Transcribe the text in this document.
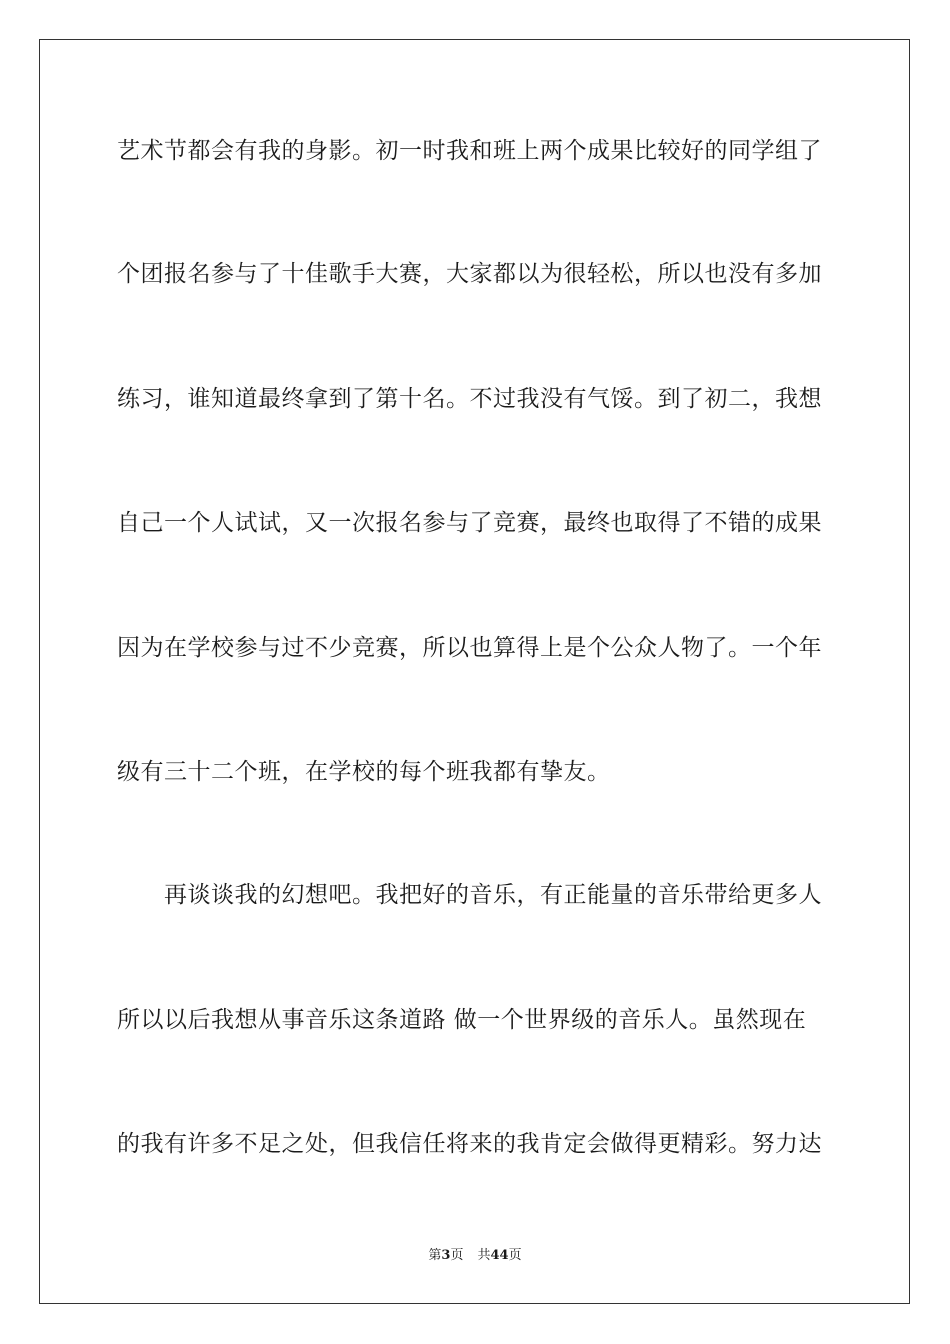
艺术节都会有我的身影。初一时我和班上两个成果比较好的同学组了
个团报名参与了十佳歌手大赛，大家都以为很轻松，所以也没有多加
练习，谁知道最终拿到了第十名。不过我没有气馁。到了初二，我想
自己一个人试试，又一次报名参与了竞赛，最终也取得了不错的成果
因为在学校参与过不少竞赛，所以也算得上是个公众人物了。一个年
级有三十二个班，在学校的每个班我都有挚友。
　　再谈谈我的幻想吧。我把好的音乐，有正能量的音乐带给更多人
所以以后我想从事音乐这条道路 做一个世界级的音乐人。虽然现在
的我有许多不足之处，但我信任将来的我肯定会做得更精彩。努力达
第3页 共44页
